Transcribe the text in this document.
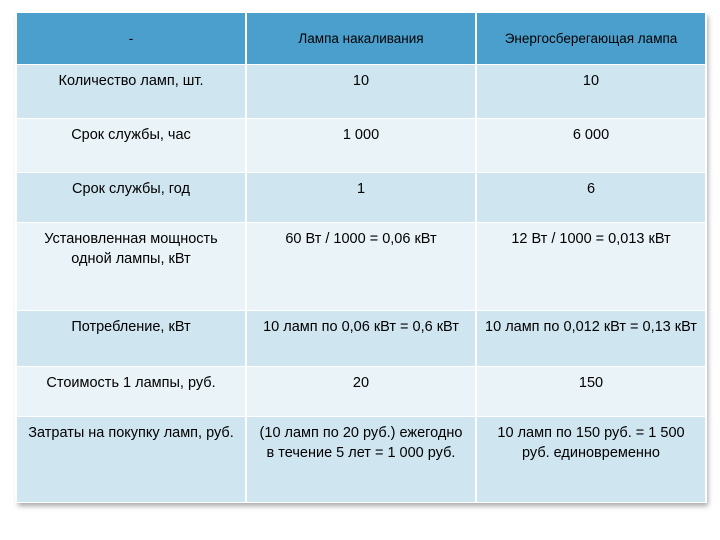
-	Лампа накаливания	Энергосберегающая лампа
Количество ламп, шт.	10	10
Срок службы, час	1 000	6 000
Срок службы, год	1	6
Установленная мощность одной лампы, кВт	60 Вт / 1000 = 0,06 кВт	12 Вт / 1000 = 0,013 кВт
Потребление, кВт	10 ламп по 0,06 кВт = 0,6 кВт	10 ламп по 0,012 кВт = 0,13 кВт
Стоимость 1 лампы, руб.	20	150
Затраты на покупку ламп, руб.	(10 ламп по 20 руб.) ежегодно в течение 5 лет = 1 000 руб.	10 ламп по 150 руб. = 1 500 руб. единовременно
